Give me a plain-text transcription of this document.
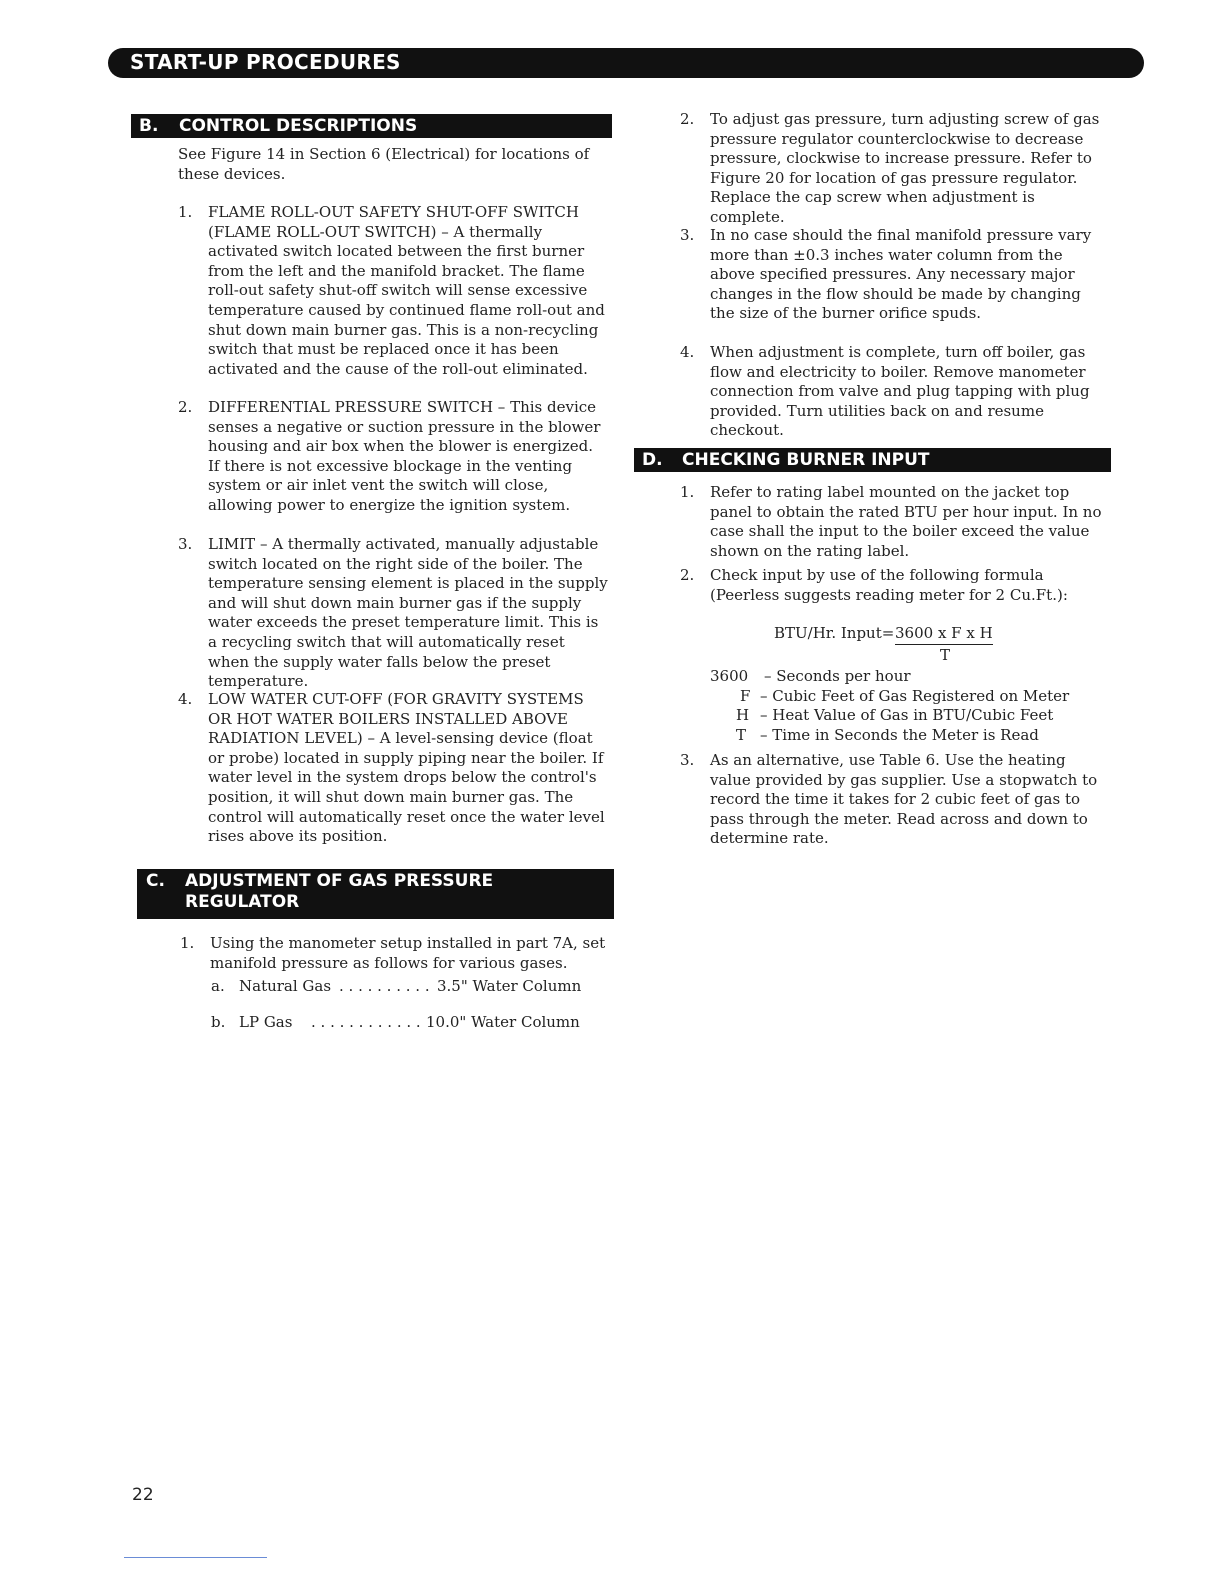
START-UP PROCEDURES
B. CONTROL DESCRIPTIONS
See Figure 14 in Section 6 (Electrical) for locations of these devices.
1. FLAME ROLL-OUT SAFETY SHUT-OFF SWITCH (FLAME ROLL-OUT SWITCH) – A thermally activated switch located between the first burner from the left and the manifold bracket. The flame roll-out safety shut-off switch will sense excessive temperature caused by continued flame roll-out and shut down main burner gas. This is a non-recycling switch that must be replaced once it has been activated and the cause of the roll-out eliminated.
2. DIFFERENTIAL PRESSURE SWITCH – This device senses a negative or suction pressure in the blower housing and air box when the blower is energized. If there is not excessive blockage in the venting system or air inlet vent the switch will close, allowing power to energize the ignition system.
3. LIMIT – A thermally activated, manually adjustable switch located on the right side of the boiler. The temperature sensing element is placed in the supply and will shut down main burner gas if the supply water exceeds the preset temperature limit. This is a recycling switch that will automatically reset when the supply water falls below the preset temperature.
4. LOW WATER CUT-OFF (FOR GRAVITY SYSTEMS OR HOT WATER BOILERS INSTALLED ABOVE RADIATION LEVEL) – A level-sensing device (float or probe) located in supply piping near the boiler. If water level in the system drops below the control's position, it will shut down main burner gas. The control will automatically reset once the water level rises above its position.
C. ADJUSTMENT OF GAS PRESSURE
REGULATOR
1. Using the manometer setup installed in part 7A, set manifold pressure as follows for various gases.
a. Natural Gas . . . . . . . . . . 3.5" Water Column
b. LP Gas . . . . . . . . . . . . 10.0" Water Column
2. To adjust gas pressure, turn adjusting screw of gas pressure regulator counterclockwise to decrease pressure, clockwise to increase pressure. Refer to Figure 20 for location of gas pressure regulator. Replace the cap screw when adjustment is complete.
3. In no case should the final manifold pressure vary more than ±0.3 inches water column from the above specified pressures. Any necessary major changes in the flow should be made by changing the size of the burner orifice spuds.
4. When adjustment is complete, turn off boiler, gas flow and electricity to boiler. Remove manometer connection from valve and plug tapping with plug provided. Turn utilities back on and resume checkout.
D. CHECKING BURNER INPUT
1. Refer to rating label mounted on the jacket top panel to obtain the rated BTU per hour input. In no case shall the input to the boiler exceed the value shown on the rating label.
2. Check input by use of the following formula (Peerless suggests reading meter for 2 Cu.Ft.):
BTU/Hr. Input= 3600 x F x H
T
3600 – Seconds per hour
F – Cubic Feet of Gas Registered on Meter
H – Heat Value of Gas in BTU/Cubic Feet
T – Time in Seconds the Meter is Read
3. As an alternative, use Table 6. Use the heating value provided by gas supplier. Use a stopwatch to record the time it takes for 2 cubic feet of gas to pass through the meter. Read across and down to determine rate.
22
